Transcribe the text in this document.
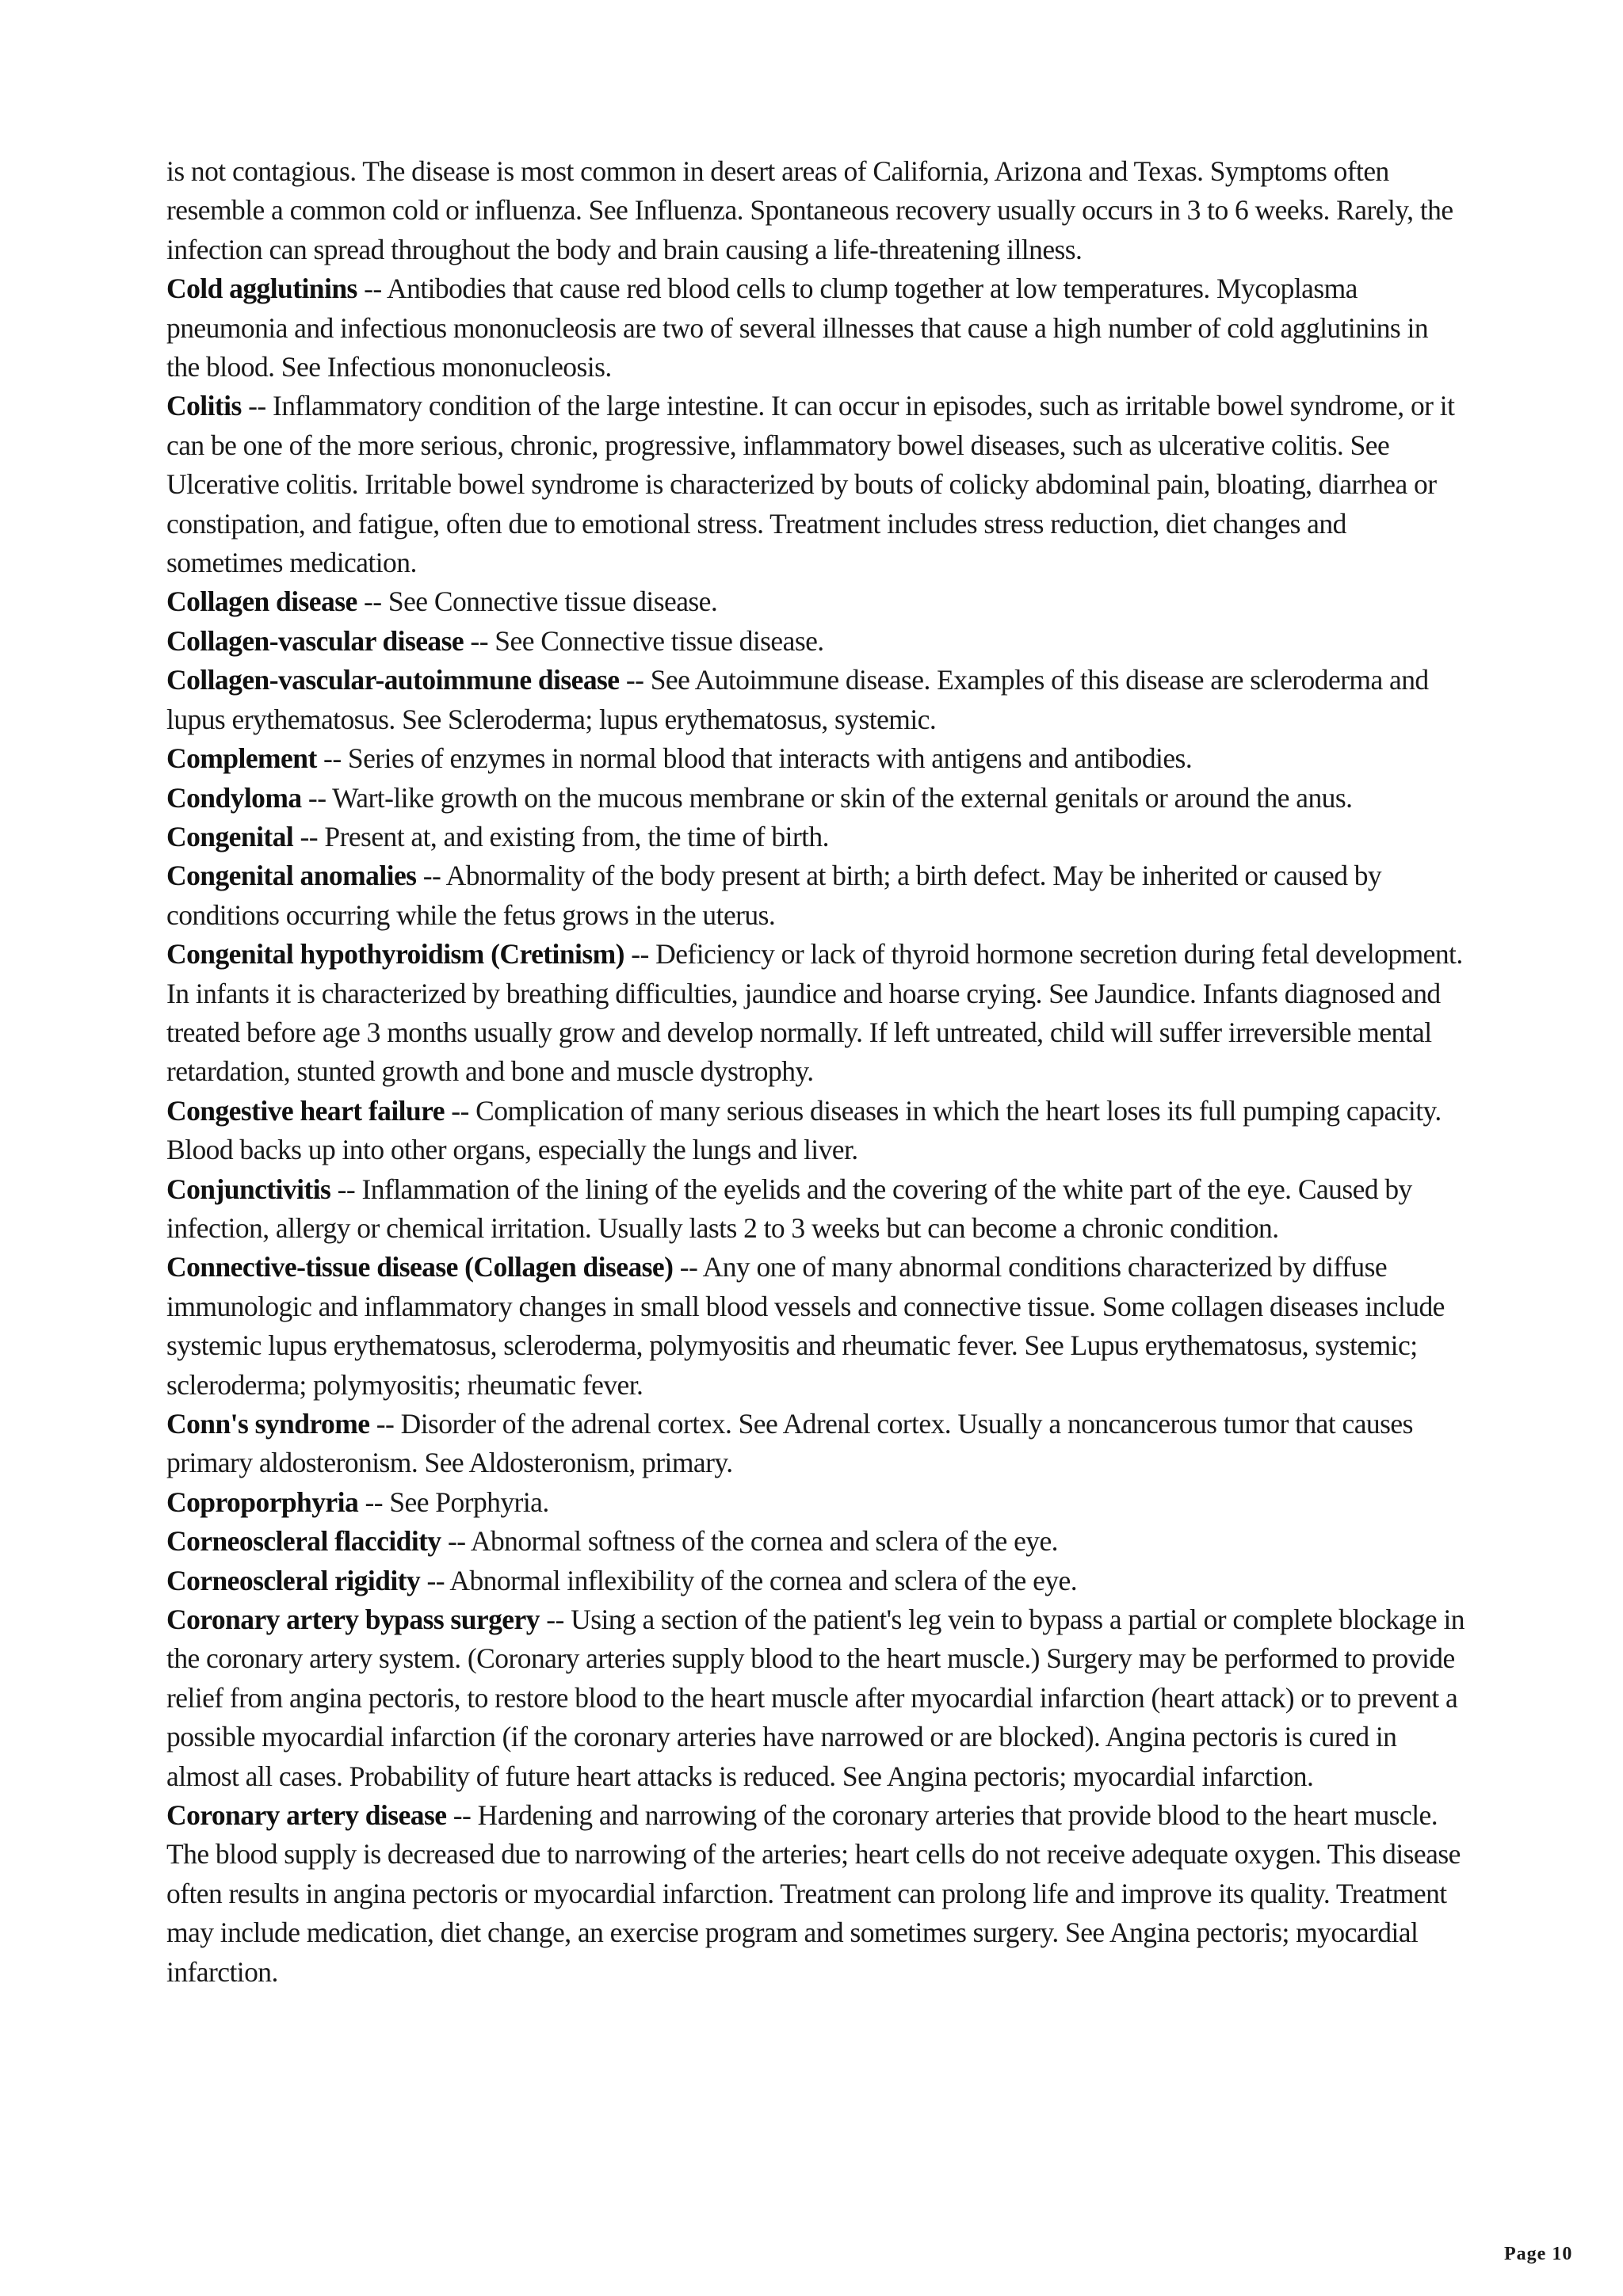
is not contagious. The disease is most common in desert areas of California, Arizona and Texas. Symptoms often resemble a common cold or influenza. See Influenza. Spontaneous recovery usually occurs in 3 to 6 weeks. Rarely, the infection can spread throughout the body and brain causing a life-threatening illness.

Cold agglutinins -- Antibodies that cause red blood cells to clump together at low temperatures. Mycoplasma pneumonia and infectious mononucleosis are two of several illnesses that cause a high number of cold agglutinins in the blood. See Infectious mononucleosis.

Colitis -- Inflammatory condition of the large intestine. It can occur in episodes, such as irritable bowel syndrome, or it can be one of the more serious, chronic, progressive, inflammatory bowel diseases, such as ulcerative colitis. See Ulcerative colitis. Irritable bowel syndrome is characterized by bouts of colicky abdominal pain, bloating, diarrhea or constipation, and fatigue, often due to emotional stress. Treatment includes stress reduction, diet changes and sometimes medication.

Collagen disease -- See Connective tissue disease.

Collagen-vascular disease -- See Connective tissue disease.

Collagen-vascular-autoimmune disease -- See Autoimmune disease. Examples of this disease are scleroderma and lupus erythematosus. See Scleroderma; lupus erythematosus, systemic.

Complement -- Series of enzymes in normal blood that interacts with antigens and antibodies.

Condyloma -- Wart-like growth on the mucous membrane or skin of the external genitals or around the anus.

Congenital -- Present at, and existing from, the time of birth.

Congenital anomalies -- Abnormality of the body present at birth; a birth defect. May be inherited or caused by conditions occurring while the fetus grows in the uterus.

Congenital hypothyroidism (Cretinism) -- Deficiency or lack of thyroid hormone secretion during fetal development. In infants it is characterized by breathing difficulties, jaundice and hoarse crying. See Jaundice. Infants diagnosed and treated before age 3 months usually grow and develop normally. If left untreated, child will suffer irreversible mental retardation, stunted growth and bone and muscle dystrophy.

Congestive heart failure -- Complication of many serious diseases in which the heart loses its full pumping capacity. Blood backs up into other organs, especially the lungs and liver.

Conjunctivitis -- Inflammation of the lining of the eyelids and the covering of the white part of the eye. Caused by infection, allergy or chemical irritation. Usually lasts 2 to 3 weeks but can become a chronic condition.

Connective-tissue disease (Collagen disease) -- Any one of many abnormal conditions characterized by diffuse immunologic and inflammatory changes in small blood vessels and connective tissue. Some collagen diseases include systemic lupus erythematosus, scleroderma, polymyositis and rheumatic fever. See Lupus erythematosus, systemic; scleroderma; polymyositis; rheumatic fever.

Conn's syndrome -- Disorder of the adrenal cortex. See Adrenal cortex. Usually a noncancerous tumor that causes primary aldosteronism. See Aldosteronism, primary.

Coproporphyria -- See Porphyria.

Corneoscleral flaccidity -- Abnormal softness of the cornea and sclera of the eye.

Corneoscleral rigidity -- Abnormal inflexibility of the cornea and sclera of the eye.

Coronary artery bypass surgery -- Using a section of the patient's leg vein to bypass a partial or complete blockage in the coronary artery system. (Coronary arteries supply blood to the heart muscle.) Surgery may be performed to provide relief from angina pectoris, to restore blood to the heart muscle after myocardial infarction (heart attack) or to prevent a possible myocardial infarction (if the coronary arteries have narrowed or are blocked). Angina pectoris is cured in almost all cases. Probability of future heart attacks is reduced. See Angina pectoris; myocardial infarction.

Coronary artery disease -- Hardening and narrowing of the coronary arteries that provide blood to the heart muscle. The blood supply is decreased due to narrowing of the arteries; heart cells do not receive adequate oxygen. This disease often results in angina pectoris or myocardial infarction. Treatment can prolong life and improve its quality. Treatment may include medication, diet change, an exercise program and sometimes surgery. See Angina pectoris; myocardial infarction.

Page 10
